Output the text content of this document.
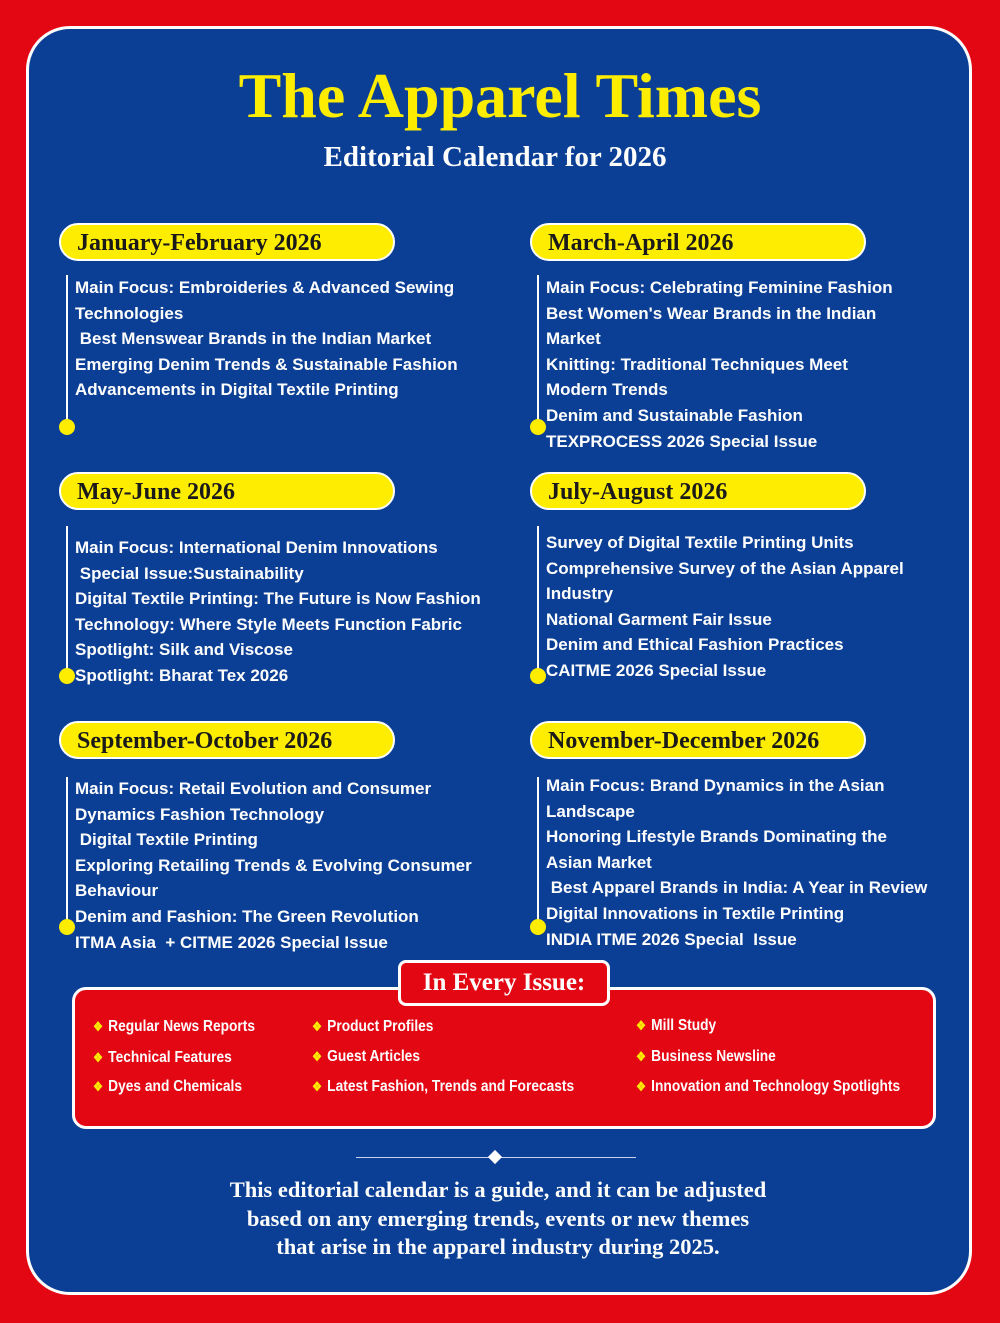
The Apparel Times
Editorial Calendar for 2026
January-February 2026
Main Focus: Embroideries & Advanced Sewing
Technologies
Best Menswear Brands in the Indian Market
Emerging Denim Trends & Sustainable Fashion
Advancements in Digital Textile Printing
March-April 2026
Main Focus: Celebrating Feminine Fashion
Best Women's Wear Brands in the Indian
Market
Knitting: Traditional Techniques Meet
Modern Trends
Denim and Sustainable Fashion
TEXPROCESS 2026 Special Issue
May-June 2026
Main Focus: International Denim Innovations
Special Issue:Sustainability
Digital Textile Printing: The Future is Now Fashion
Technology: Where Style Meets Function Fabric
Spotlight: Silk and Viscose
Spotlight: Bharat Tex 2026
July-August 2026
Survey of Digital Textile Printing Units
Comprehensive Survey of the Asian Apparel
Industry
National Garment Fair Issue
Denim and Ethical Fashion Practices
CAITME 2026 Special Issue
September-October 2026
Main Focus: Retail Evolution and Consumer
Dynamics Fashion Technology
Digital Textile Printing
Exploring Retailing Trends & Evolving Consumer
Behaviour
Denim and Fashion: The Green Revolution
ITMA Asia  + CITME 2026 Special Issue
November-December 2026
Main Focus: Brand Dynamics in the Asian
Landscape
Honoring Lifestyle Brands Dominating the
Asian Market
Best Apparel Brands in India: A Year in Review
Digital Innovations in Textile Printing
INDIA ITME 2026 Special  Issue
In Every Issue:
❖ Regular News Reports
❖ Technical Features
❖ Dyes and Chemicals
❖ Product Profiles
❖ Guest Articles
❖ Latest Fashion, Trends and Forecasts
❖ Mill Study
❖ Business Newsline
❖ Innovation and Technology Spotlights
This editorial calendar is a guide, and it can be adjusted
based on any emerging trends, events or new themes
that arise in the apparel industry during 2025.
